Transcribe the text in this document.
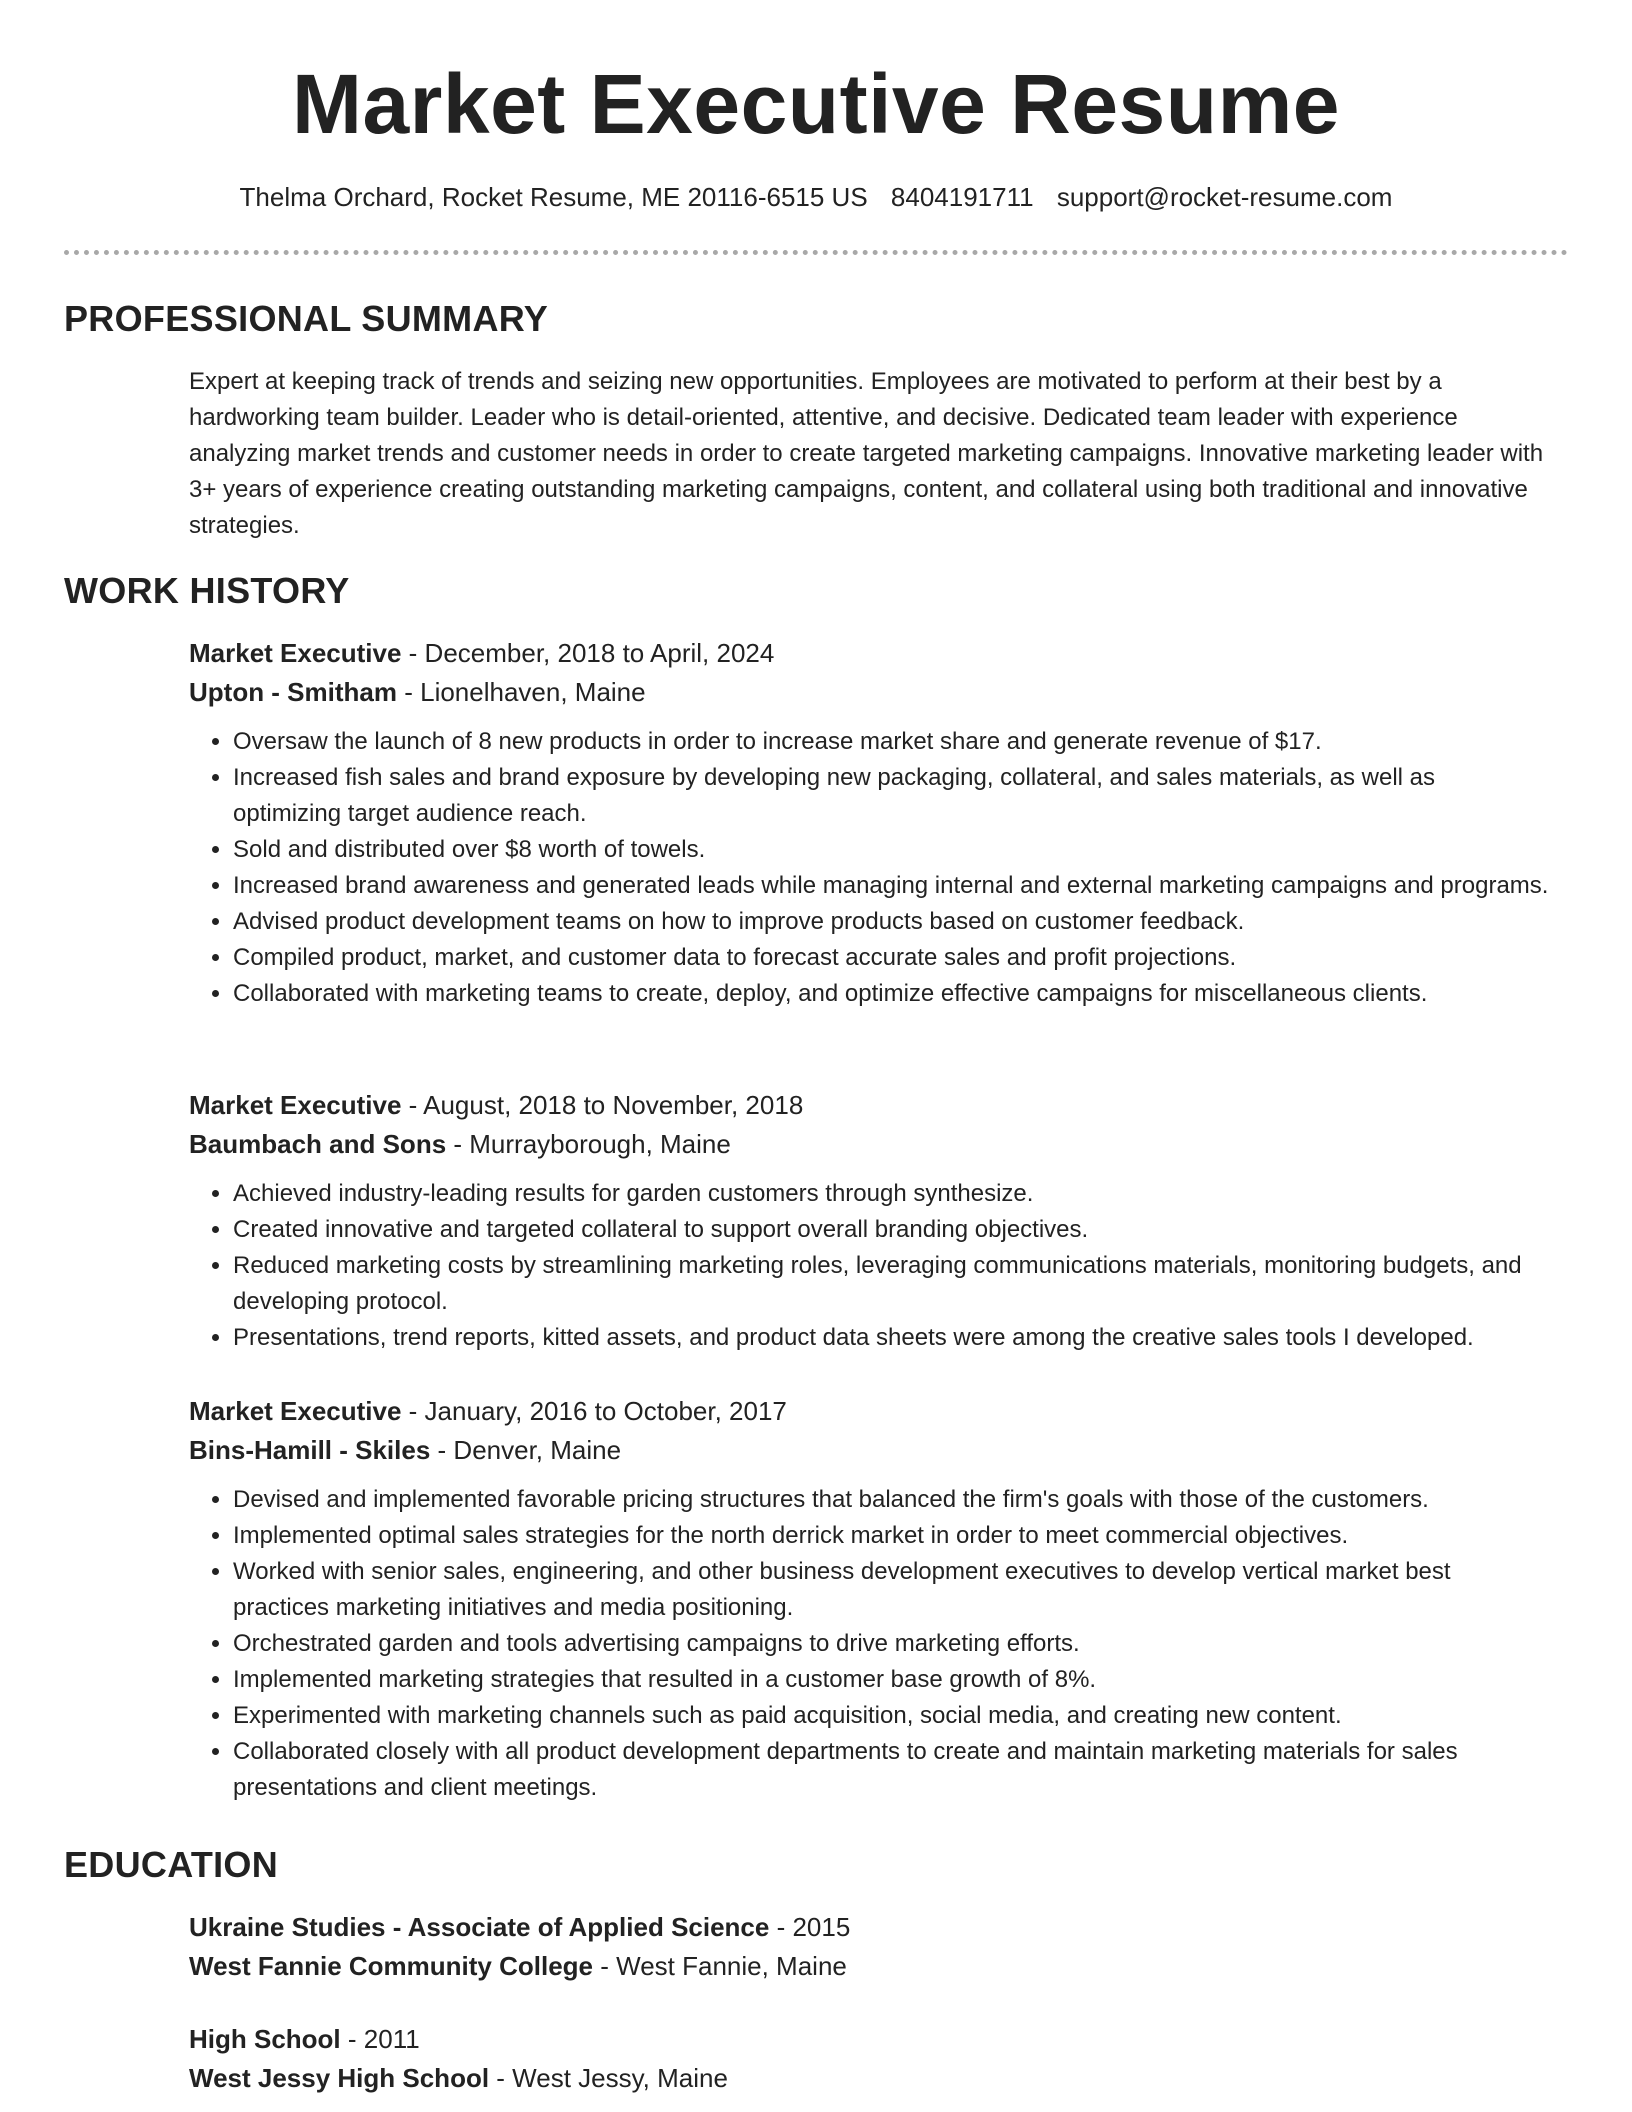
Market Executive Resume
Thelma Orchard, Rocket Resume, ME 20116-6515 US 8404191711 support@rocket-resume.com
PROFESSIONAL SUMMARY
Expert at keeping track of trends and seizing new opportunities. Employees are motivated to perform at their best by a hardworking team builder. Leader who is detail-oriented, attentive, and decisive. Dedicated team leader with experience analyzing market trends and customer needs in order to create targeted marketing campaigns. Innovative marketing leader with 3+ years of experience creating outstanding marketing campaigns, content, and collateral using both traditional and innovative strategies.
WORK HISTORY
Market Executive - December, 2018 to April, 2024
Upton - Smitham - Lionelhaven, Maine
• Oversaw the launch of 8 new products in order to increase market share and generate revenue of $17.
• Increased fish sales and brand exposure by developing new packaging, collateral, and sales materials, as well as optimizing target audience reach.
• Sold and distributed over $8 worth of towels.
• Increased brand awareness and generated leads while managing internal and external marketing campaigns and programs.
• Advised product development teams on how to improve products based on customer feedback.
• Compiled product, market, and customer data to forecast accurate sales and profit projections.
• Collaborated with marketing teams to create, deploy, and optimize effective campaigns for miscellaneous clients.
Market Executive - August, 2018 to November, 2018
Baumbach and Sons - Murrayborough, Maine
• Achieved industry-leading results for garden customers through synthesize.
• Created innovative and targeted collateral to support overall branding objectives.
• Reduced marketing costs by streamlining marketing roles, leveraging communications materials, monitoring budgets, and developing protocol.
• Presentations, trend reports, kitted assets, and product data sheets were among the creative sales tools I developed.
Market Executive - January, 2016 to October, 2017
Bins-Hamill - Skiles - Denver, Maine
• Devised and implemented favorable pricing structures that balanced the firm's goals with those of the customers.
• Implemented optimal sales strategies for the north derrick market in order to meet commercial objectives.
• Worked with senior sales, engineering, and other business development executives to develop vertical market best practices marketing initiatives and media positioning.
• Orchestrated garden and tools advertising campaigns to drive marketing efforts.
• Implemented marketing strategies that resulted in a customer base growth of 8%.
• Experimented with marketing channels such as paid acquisition, social media, and creating new content.
• Collaborated closely with all product development departments to create and maintain marketing materials for sales presentations and client meetings.
EDUCATION
Ukraine Studies - Associate of Applied Science - 2015
West Fannie Community College - West Fannie, Maine
High School - 2011
West Jessy High School - West Jessy, Maine
